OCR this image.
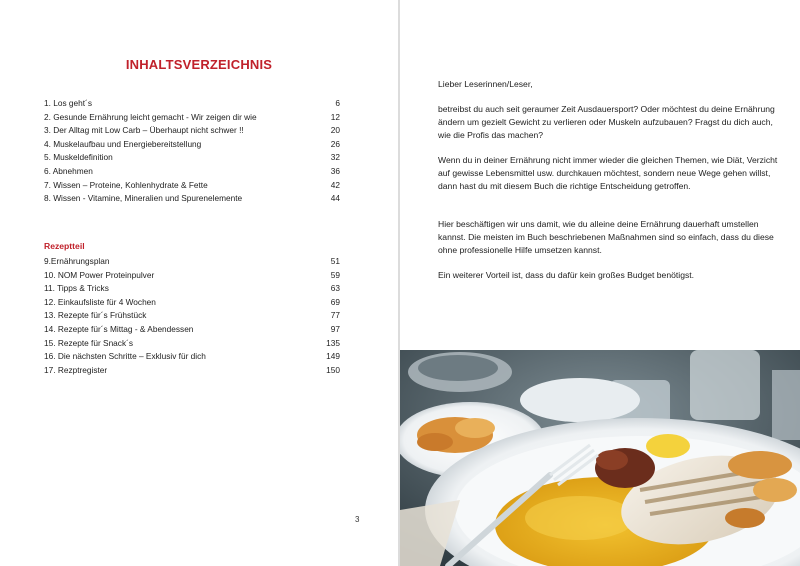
INHALTSVERZEICHNIS
1. Los geht´s	6
2. Gesunde Ernährung leicht gemacht - Wir zeigen dir wie	12
3. Der Alltag mit Low Carb – Überhaupt nicht schwer !!	20
4. Muskelaufbau und Energiebereitstellung	26
5. Muskeldefinition	32
6. Abnehmen	36
7. Wissen – Proteine, Kohlenhydrate & Fette	42
8. Wissen - Vitamine, Mineralien und Spurenelemente	44
Rezeptteil
9.Ernährungsplan	51
10. NOM Power Proteinpulver	59
11. Tipps & Tricks	63
12. Einkaufsliste für 4 Wochen	69
13. Rezepte für´s Frühstück	77
14. Rezepte für´s Mittag - & Abendessen	97
15. Rezepte für Snack´s	135
16. Die nächsten Schritte – Exklusiv für dich	149
17. Rezptregister	150
3

Lieber Leserinnen/Leser,

betreibst du auch seit geraumer Zeit Ausdauersport? Oder möchtest du deine Ernährung ändern um gezielt Gewicht zu verlieren oder Muskeln aufzubauen? Fragst du dich auch, wie die Profis das machen?

Wenn du in deiner Ernährung nicht immer wieder die gleichen Themen, wie Diät, Verzicht auf gewisse Lebensmittel usw. durchkauen möchtest, sondern neue Wege gehen willst, dann hast du mit diesem Buch die richtige Entscheidung getroffen.

Hier beschäftigen wir uns damit, wie du alleine deine Ernährung dauerhaft umstellen kannst. Die meisten im Buch beschriebenen Maßnahmen sind so einfach, dass du diese ohne professionelle Hilfe umsetzen kannst.

Ein weiterer Vorteil ist, dass du dafür kein großes Budget benötigst.
